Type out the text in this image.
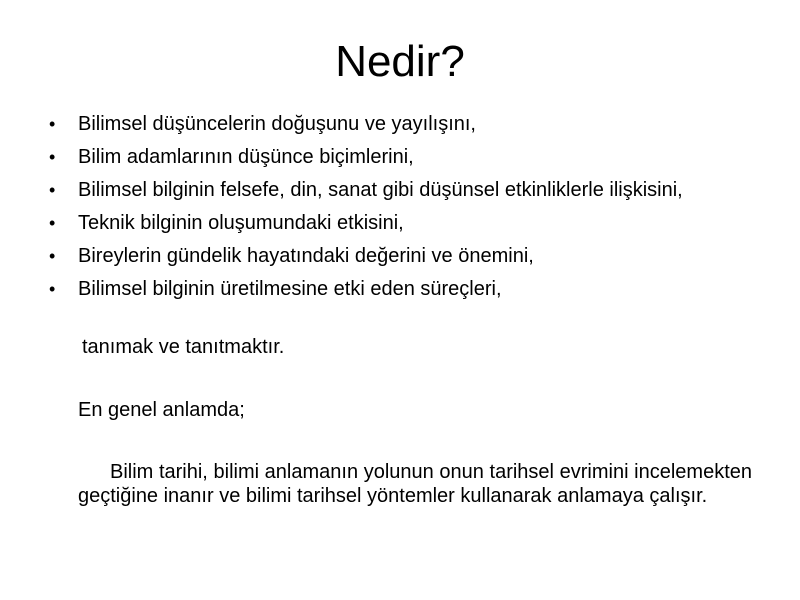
Nedir?
• Bilimsel düşüncelerin doğuşunu ve yayılışını,
• Bilim adamlarının düşünce biçimlerini,
• Bilimsel bilginin felsefe, din, sanat gibi düşünsel etkinliklerle ilişkisini,
• Teknik bilginin oluşumundaki etkisini,
• Bireylerin gündelik hayatındaki değerini ve önemini,
• Bilimsel bilginin üretilmesine etki eden süreçleri,

tanımak ve tanıtmaktır.

En genel anlamda;

Bilim tarihi, bilimi anlamanın yolunun onun tarihsel evrimini incelemekten geçtiğine inanır ve bilimi tarihsel yöntemler kullanarak anlamaya çalışır.
